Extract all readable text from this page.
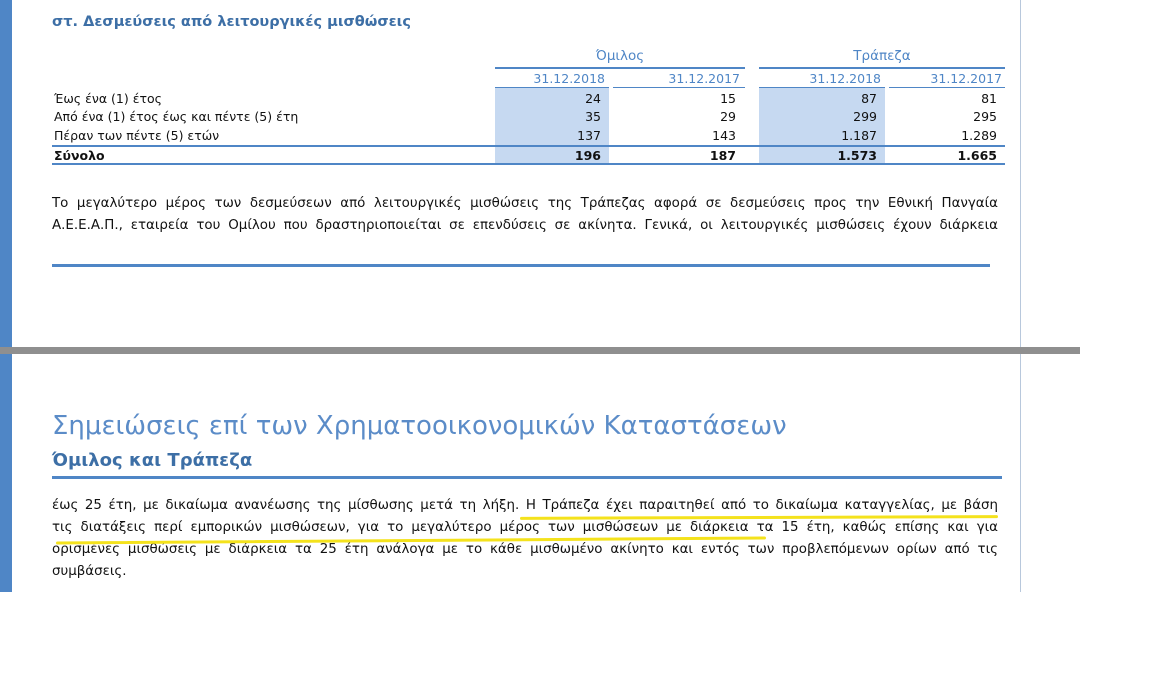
στ. Δεσμεύσεις από λειτουργικές μισθώσεις
Όμιλος	Τράπεζα
31.12.2018	31.12.2017	31.12.2018	31.12.2017
Έως ένα (1) έτος	24	15	87	81
Από ένα (1) έτος έως και πέντε (5) έτη	35	29	299	295
Πέραν των πέντε (5) ετών	137	143	1.187	1.289
Σύνολο	196	187	1.573	1.665
Το μεγαλύτερο μέρος των δεσμεύσεων από λειτουργικές μισθώσεις της Τράπεζας αφορά σε δεσμεύσεις προς την Εθνική Πανγαία
Α.Ε.Ε.Α.Π., εταιρεία του Ομίλου που δραστηριοποιείται σε επενδύσεις σε ακίνητα. Γενικά, οι λειτουργικές μισθώσεις έχουν διάρκεια
Σημειώσεις επί των Χρηματοοικονομικών Καταστάσεων
Όμιλος και Τράπεζα
έως 25 έτη, με δικαίωμα ανανέωσης της μίσθωσης μετά τη λήξη. Η Τράπεζα έχει παραιτηθεί από το δικαίωμα καταγγελίας, με βάση
τις διατάξεις περί εμπορικών μισθώσεων, για το μεγαλύτερο μέρος των μισθώσεων με διάρκεια τα 15 έτη, καθώς επίσης και για
ορισμένες μισθώσεις με διάρκεια τα 25 έτη ανάλογα με το κάθε μισθωμένο ακίνητο και εντός των προβλεπόμενων ορίων από τις
συμβάσεις.
